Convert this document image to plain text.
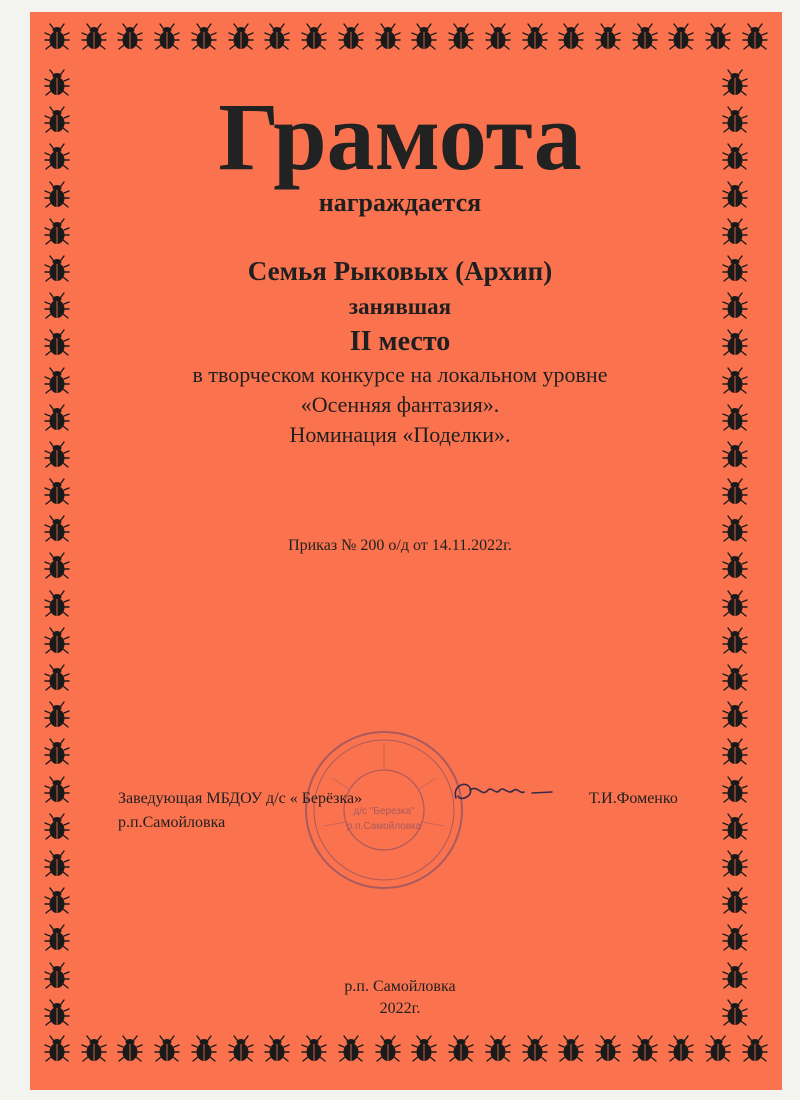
Грамота
награждается
Семья Рыковых (Архип)
занявшая
II место
в творческом конкурсе на локальном уровне
«Осенняя фантазия».
Номинация «Поделки».
Приказ № 200 о/д от 14.11.2022г.
д/с "Березка"
р.п.Самойловка
Заведующая МБДОУ д/с « Берёзка»
р.п.Самойловка
Т.И.Фоменко
р.п. Самойловка
2022г.
